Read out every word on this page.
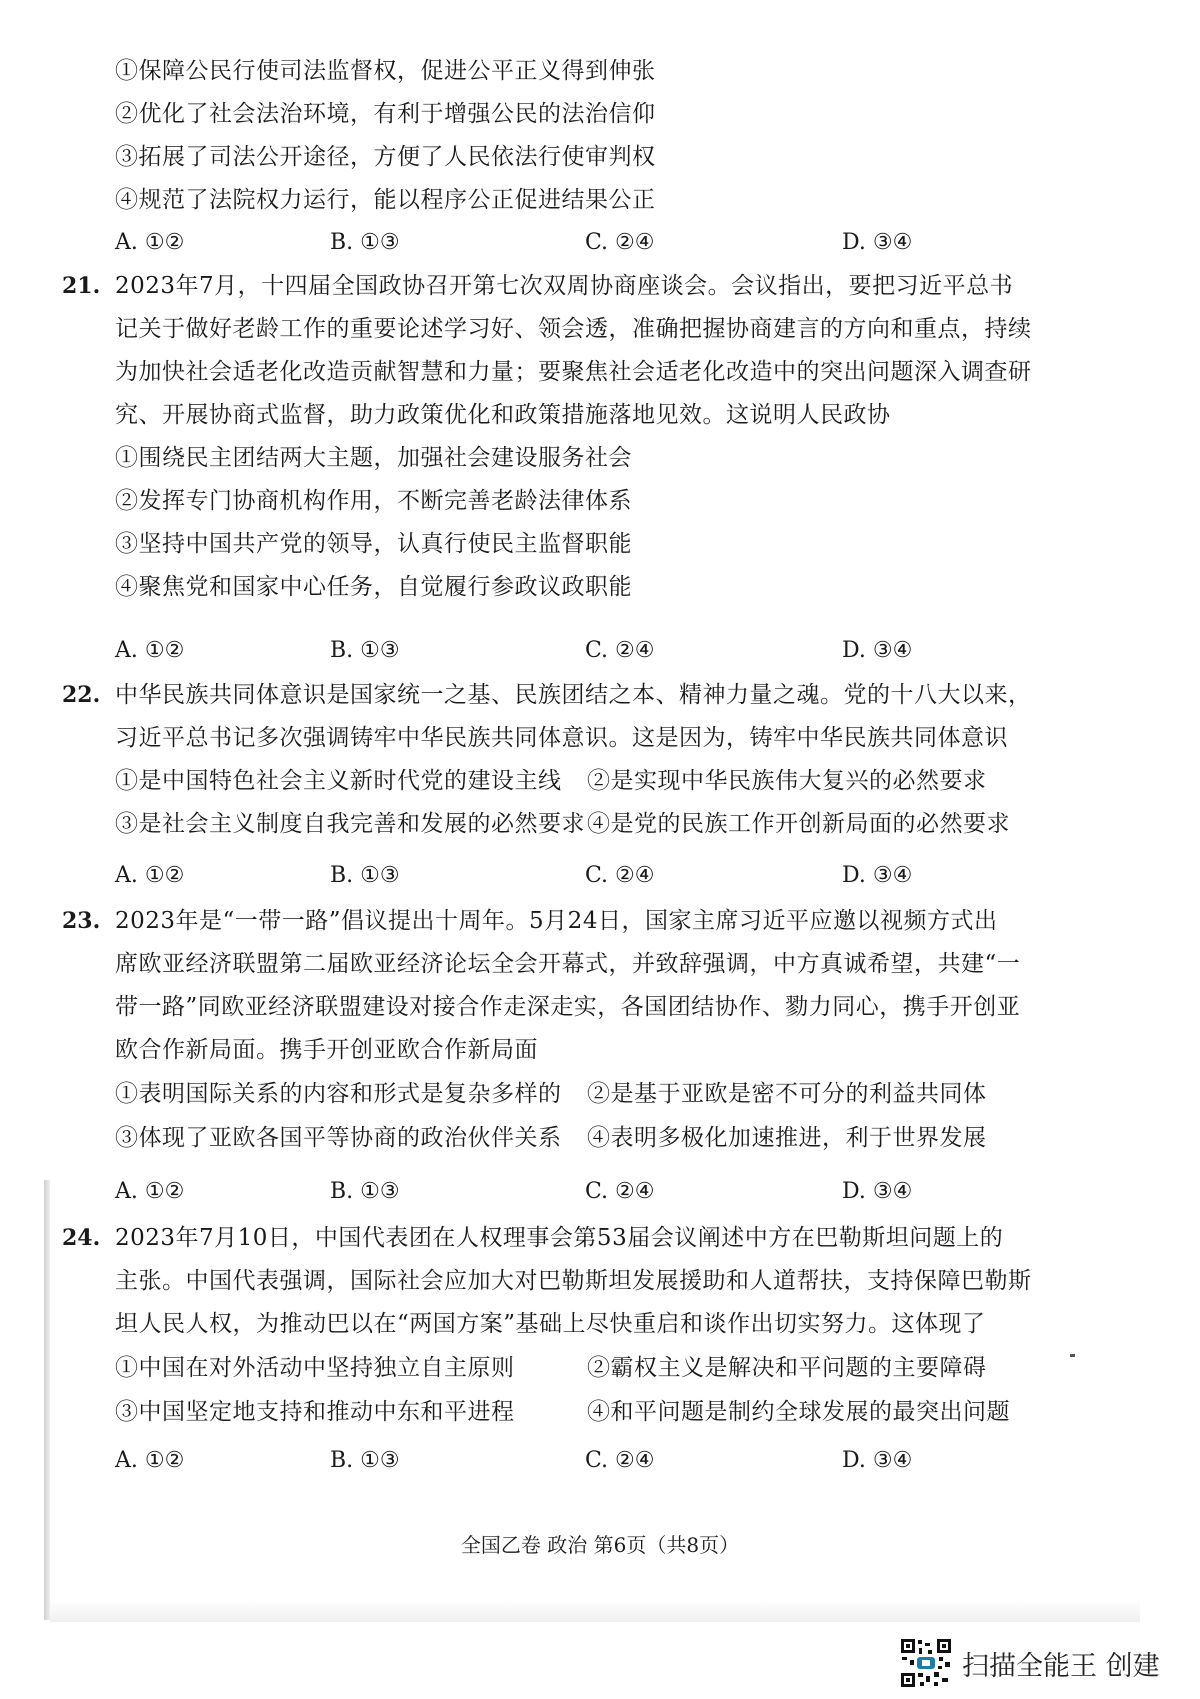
①保障公民行使司法监督权，促进公平正义得到伸张
②优化了社会法治环境，有利于增强公民的法治信仰
③拓展了司法公开途径，方便了人民依法行使审判权
④规范了法院权力运行，能以程序公正促进结果公正
A. ①②	B. ①③	C. ②④	D. ③④
21. 2023年7月，十四届全国政协召开第七次双周协商座谈会。会议指出，要把习近平总书
记关于做好老龄工作的重要论述学习好、领会透，准确把握协商建言的方向和重点，持续
为加快社会适老化改造贡献智慧和力量；要聚焦社会适老化改造中的突出问题深入调查研
究、开展协商式监督，助力政策优化和政策措施落地见效。这说明人民政协
①围绕民主团结两大主题，加强社会建设服务社会
②发挥专门协商机构作用，不断完善老龄法律体系
③坚持中国共产党的领导，认真行使民主监督职能
④聚焦党和国家中心任务，自觉履行参政议政职能
A. ①②	B. ①③	C. ②④	D. ③④
22. 中华民族共同体意识是国家统一之基、民族团结之本、精神力量之魂。党的十八大以来，
习近平总书记多次强调铸牢中华民族共同体意识。这是因为，铸牢中华民族共同体意识
①是中国特色社会主义新时代党的建设主线 ②是实现中华民族伟大复兴的必然要求
③是社会主义制度自我完善和发展的必然要求 ④是党的民族工作开创新局面的必然要求
A. ①②	B. ①③	C. ②④	D. ③④
23. 2023年是“一带一路”倡议提出十周年。5月24日，国家主席习近平应邀以视频方式出
席欧亚经济联盟第二届欧亚经济论坛全会开幕式，并致辞强调，中方真诚希望，共建“一
带一路”同欧亚经济联盟建设对接合作走深走实，各国团结协作、勠力同心，携手开创亚
欧合作新局面。携手开创亚欧合作新局面
①表明国际关系的内容和形式是复杂多样的 ②是基于亚欧是密不可分的利益共同体
③体现了亚欧各国平等协商的政治伙伴关系 ④表明多极化加速推进，利于世界发展
A. ①②	B. ①③	C. ②④	D. ③④
24. 2023年7月10日，中国代表团在人权理事会第53届会议阐述中方在巴勒斯坦问题上的
主张。中国代表强调，国际社会应加大对巴勒斯坦发展援助和人道帮扶，支持保障巴勒斯
坦人民人权，为推动巴以在“两国方案”基础上尽快重启和谈作出切实努力。这体现了
①中国在对外活动中坚持独立自主原则	②霸权主义是解决和平问题的主要障碍
③中国坚定地支持和推动中东和平进程	④和平问题是制约全球发展的最突出问题
A. ①②	B. ①③	C. ②④	D. ③④
全国乙卷 政治 第6页（共8页）
扫描全能王 创建
